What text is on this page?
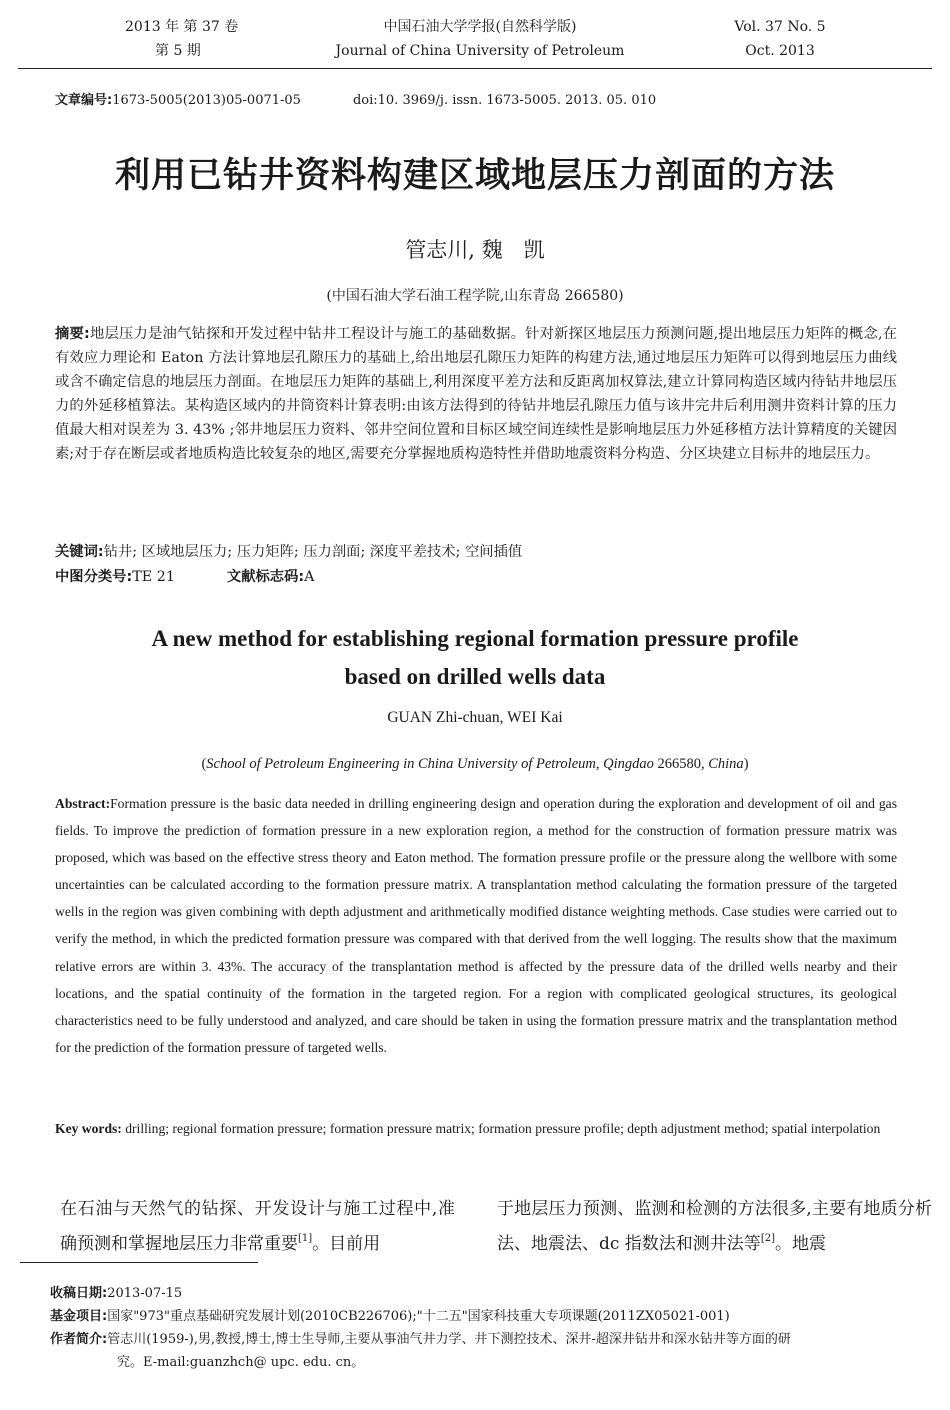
2013 年 第 37 卷
第 5 期
中国石油大学学报(自然科学版)
Journal of China University of Petroleum
Vol. 37 No. 5
Oct. 2013
文章编号:1673-5005(2013)05-0071-05	doi:10. 3969/j. issn. 1673-5005. 2013. 05. 010
利用已钻井资料构建区域地层压力剖面的方法
管志川, 魏　凯
(中国石油大学石油工程学院,山东青岛 266580)
摘要:地层压力是油气钻探和开发过程中钻井工程设计与施工的基础数据。针对新探区地层压力预测问题,提出地层压力矩阵的概念,在有效应力理论和 Eaton 方法计算地层孔隙压力的基础上,给出地层孔隙压力矩阵的构建方法,通过地层压力矩阵可以得到地层压力曲线或含不确定信息的地层压力剖面。在地层压力矩阵的基础上,利用深度平差方法和反距离加权算法,建立计算同构造区域内待钻井地层压力的外延移植算法。某构造区域内的井筒资料计算表明:由该方法得到的待钻井地层孔隙压力值与该井完井后利用测井资料计算的压力值最大相对误差为 3. 43% ;邻井地层压力资料、邻井空间位置和目标区域空间连续性是影响地层压力外延移植方法计算精度的关键因素;对于存在断层或者地质构造比较复杂的地区,需要充分掌握地质构造特性并借助地震资料分构造、分区块建立目标井的地层压力。
关键词:钻井; 区域地层压力; 压力矩阵; 压力剖面; 深度平差技术; 空间插值
中图分类号:TE 21	文献标志码:A
A new method for establishing regional formation pressure profile
based on drilled wells data
GUAN Zhi-chuan, WEI Kai
(School of Petroleum Engineering in China University of Petroleum, Qingdao 266580, China)
Abstract:Formation pressure is the basic data needed in drilling engineering design and operation during the exploration and development of oil and gas fields. To improve the prediction of formation pressure in a new exploration region, a method for the construction of formation pressure matrix was proposed, which was based on the effective stress theory and Eaton method. The formation pressure profile or the pressure along the wellbore with some uncertainties can be calculated according to the formation pressure matrix. A transplantation method calculating the formation pressure of the targeted wells in the region was given combining with depth adjustment and arithmetically modified distance weighting methods. Case studies were carried out to verify the method, in which the predicted formation pressure was compared with that derived from the well logging. The results show that the maximum relative errors are within 3. 43%. The accuracy of the transplantation method is affected by the pressure data of the drilled wells nearby and their locations, and the spatial continuity of the formation in the targeted region. For a region with complicated geological structures, its geological characteristics need to be fully understood and analyzed, and care should be taken in using the formation pressure matrix and the transplantation method for the prediction of the formation pressure of targeted wells.
Key words: drilling; regional formation pressure; formation pressure matrix; formation pressure profile; depth adjustment method; spatial interpolation
在石油与天然气的钻探、开发设计与施工过程中,准确预测和掌握地层压力非常重要[1]。目前用
于地层压力预测、监测和检测的方法很多,主要有地质分析法、地震法、dc 指数法和测井法等[2]。地震
收稿日期:2013-07-15
基金项目:国家"973"重点基础研究发展计划(2010CB226706);"十二五"国家科技重大专项课题(2011ZX05021-001)
作者简介:管志川(1959-),男,教授,博士,博士生导师,主要从事油气井力学、井下测控技术、深井-超深井钻井和深水钻井等方面的研
究。E-mail:guanzhch@ upc. edu. cn。
